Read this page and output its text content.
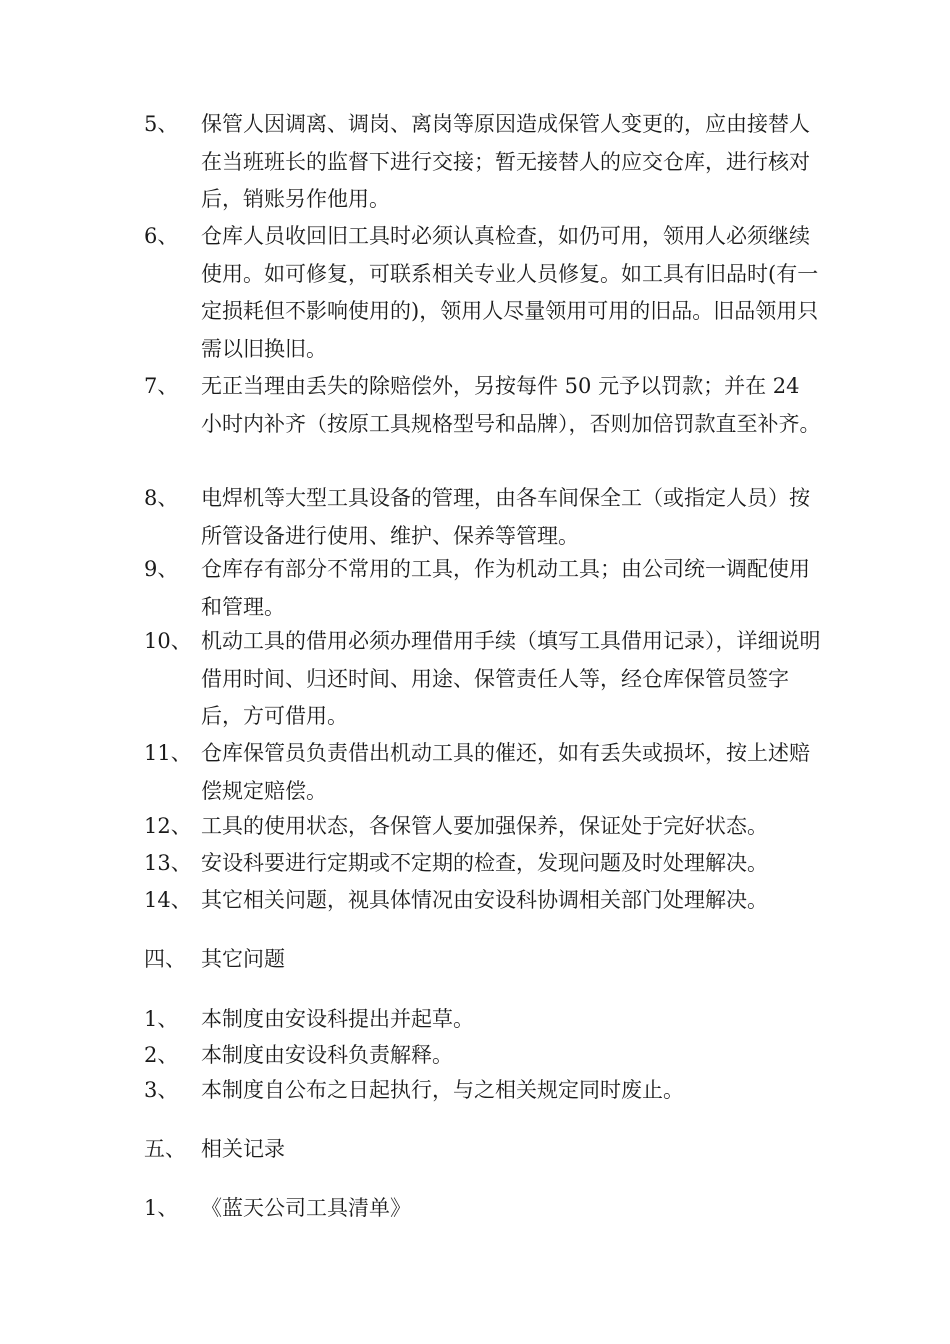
5、 保管人因调离、调岗、离岗等原因造成保管人变更的，应由接替人在当班班长的监督下进行交接；暂无接替人的应交仓库，进行核对后，销账另作他用。
6、 仓库人员收回旧工具时必须认真检查，如仍可用，领用人必须继续使用。如可修复，可联系相关专业人员修复。如工具有旧品时(有一定损耗但不影响使用的)，领用人尽量领用可用的旧品。旧品领用只需以旧换旧。
7、 无正当理由丢失的除赔偿外，另按每件 50 元予以罚款；并在 24 小时内补齐（按原工具规格型号和品牌），否则加倍罚款直至补齐。
8、 电焊机等大型工具设备的管理，由各车间保全工（或指定人员）按所管设备进行使用、维护、保养等管理。
9、 仓库存有部分不常用的工具，作为机动工具；由公司统一调配使用和管理。
10、 机动工具的借用必须办理借用手续（填写工具借用记录），详细说明借用时间、归还时间、用途、保管责任人等，经仓库保管员签字后，方可借用。
11、 仓库保管员负责借出机动工具的催还，如有丢失或损坏，按上述赔偿规定赔偿。
12、 工具的使用状态，各保管人要加强保养，保证处于完好状态。
13、 安设科要进行定期或不定期的检查，发现问题及时处理解决。
14、 其它相关问题，视具体情况由安设科协调相关部门处理解决。
四、 其它问题
1、 本制度由安设科提出并起草。
2、 本制度由安设科负责解释。
3、 本制度自公布之日起执行，与之相关规定同时废止。
五、 相关记录
1、 《蓝天公司工具清单》
